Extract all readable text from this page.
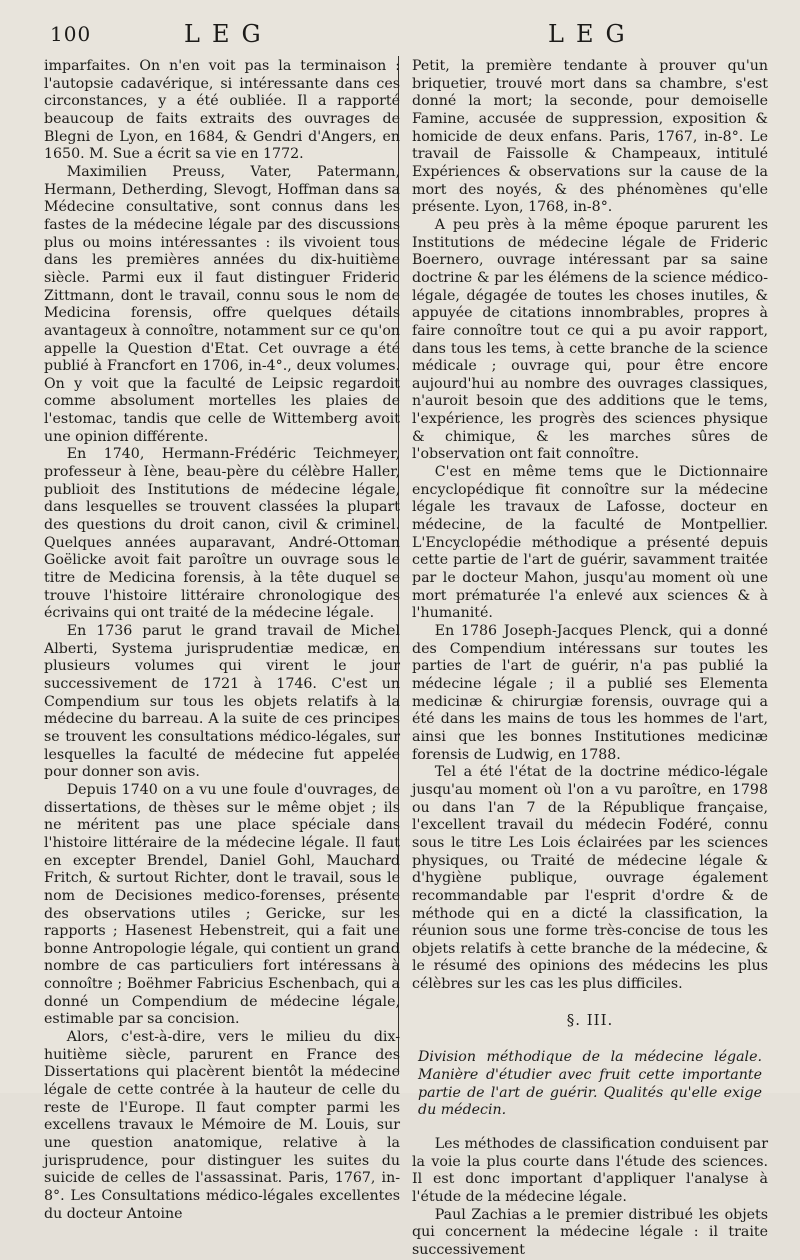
100	LEG	LEG

imparfaites. On n'en voit pas la terminaison : l'autopsie cadavérique, si intéressante dans ces circonstances, y a été oubliée. Il a rapporté beaucoup de faits extraits des ouvrages de Blegni de Lyon, en 1684, & Gendri d'Angers, en 1650. M. Sue a écrit sa vie en 1772.

Maximilien Preuss, Vater, Patermann, Hermann, Detherding, Slevogt, Hoffman dans sa Médecine consultative, sont connus dans les fastes de la médecine légale par des discussions plus ou moins intéressantes : ils vivoient tous dans les premières années du dix-huitième siècle. Parmi eux il faut distinguer Frideric Zittmann, dont le travail, connu sous le nom de Medicina forensis, offre quelques détails avantageux à connoître, notamment sur ce qu'on appelle la Question d'Etat. Cet ouvrage a été publié à Francfort en 1706, in-4°., deux volumes. On y voit que la faculté de Leipsic regardoit comme absolument mortelles les plaies de l'estomac, tandis que celle de Wittemberg avoit une opinion différente.

En 1740, Hermann-Frédéric Teichmeyer, professeur à Iène, beau-père du célèbre Haller, publioit des Institutions de médecine légale, dans lesquelles se trouvent classées la plupart des questions du droit canon, civil & criminel. Quelques années auparavant, André-Ottoman Goëlicke avoit fait paroître un ouvrage sous le titre de Medicina forensis, à la tête duquel se trouve l'histoire littéraire chronologique des écrivains qui ont traité de la médecine légale.

En 1736 parut le grand travail de Michel Alberti, Systema jurisprudentiæ medicæ, en plusieurs volumes qui virent le jour successivement de 1721 à 1746. C'est un Compendium sur tous les objets relatifs à la médecine du barreau. A la suite de ces principes se trouvent les consultations médico-légales, sur lesquelles la faculté de médecine fut appelée pour donner son avis.

Depuis 1740 on a vu une foule d'ouvrages, de dissertations, de thèses sur le même objet ; ils ne méritent pas une place spéciale dans l'histoire littéraire de la médecine légale. Il faut en excepter Brendel, Daniel Gohl, Mauchard Fritch, & surtout Richter, dont le travail, sous le nom de Decisiones medico-forenses, présente des observations utiles ; Gericke, sur les rapports ; Hasenest Hebenstreit, qui a fait une bonne Antropologie légale, qui contient un grand nombre de cas particuliers fort intéressans à connoître ; Boëhmer Fabricius Eschenbach, qui a donné un Compendium de médecine légale, estimable par sa concision.

Alors, c'est-à-dire, vers le milieu du dix-huitième siècle, parurent en France des Dissertations qui placèrent bientôt la médecine légale de cette contrée à la hauteur de celle du reste de l'Europe. Il faut compter parmi les excellens travaux le Mémoire de M. Louis, sur une question anatomique, relative à la jurisprudence, pour distinguer les suites du suicide de celles de l'assassinat. Paris, 1767, in-8°. Les Consultations médico-légales excellentes du docteur Antoine

Petit, la première tendante à prouver qu'un briquetier, trouvé mort dans sa chambre, s'est donné la mort; la seconde, pour demoiselle Famine, accusée de suppression, exposition & homicide de deux enfans. Paris, 1767, in-8°. Le travail de Faissolle & Champeaux, intitulé Expériences & observations sur la cause de la mort des noyés, & des phénomènes qu'elle présente. Lyon, 1768, in-8°.

A peu près à la même époque parurent les Institutions de médecine légale de Frideric Boernero, ouvrage intéressant par sa saine doctrine & par les élémens de la science médico-légale, dégagée de toutes les choses inutiles, & appuyée de citations innombrables, propres à faire connoître tout ce qui a pu avoir rapport, dans tous les tems, à cette branche de la science médicale ; ouvrage qui, pour être encore aujourd'hui au nombre des ouvrages classiques, n'auroit besoin que des additions que le tems, l'expérience, les progrès des sciences physique & chimique, & les marches sûres de l'observation ont fait connoître.

C'est en même tems que le Dictionnaire encyclopédique fit connoître sur la médecine légale les travaux de Lafosse, docteur en médecine, de la faculté de Montpellier. L'Encyclopédie méthodique a présenté depuis cette partie de l'art de guérir, savamment traitée par le docteur Mahon, jusqu'au moment où une mort prématurée l'a enlevé aux sciences & à l'humanité.

En 1786 Joseph-Jacques Plenck, qui a donné des Compendium intéressans sur toutes les parties de l'art de guérir, n'a pas publié la médecine légale ; il a publié ses Elementa medicinæ & chirurgiæ forensis, ouvrage qui a été dans les mains de tous les hommes de l'art, ainsi que les bonnes Institutiones medicinæ forensis de Ludwig, en 1788.

Tel a été l'état de la doctrine médico-légale jusqu'au moment où l'on a vu paroître, en 1798 ou dans l'an 7 de la République française, l'excellent travail du médecin Fodéré, connu sous le titre Les Lois éclairées par les sciences physiques, ou Traité de médecine légale & d'hygiène publique, ouvrage également recommandable par l'esprit d'ordre & de méthode qui en a dicté la classification, la réunion sous une forme très-concise de tous les objets relatifs à cette branche de la médecine, & le résumé des opinions des médecins les plus célèbres sur les cas les plus difficiles.

§. III.

Division méthodique de la médecine légale. Manière d'étudier avec fruit cette importante partie de l'art de guérir. Qualités qu'elle exige du médecin.

Les méthodes de classification conduisent par la voie la plus courte dans l'étude des sciences. Il est donc important d'appliquer l'analyse à l'étude de la médecine légale.

Paul Zachias a le premier distribué les objets qui concernent la médecine légale : il traite successivement
